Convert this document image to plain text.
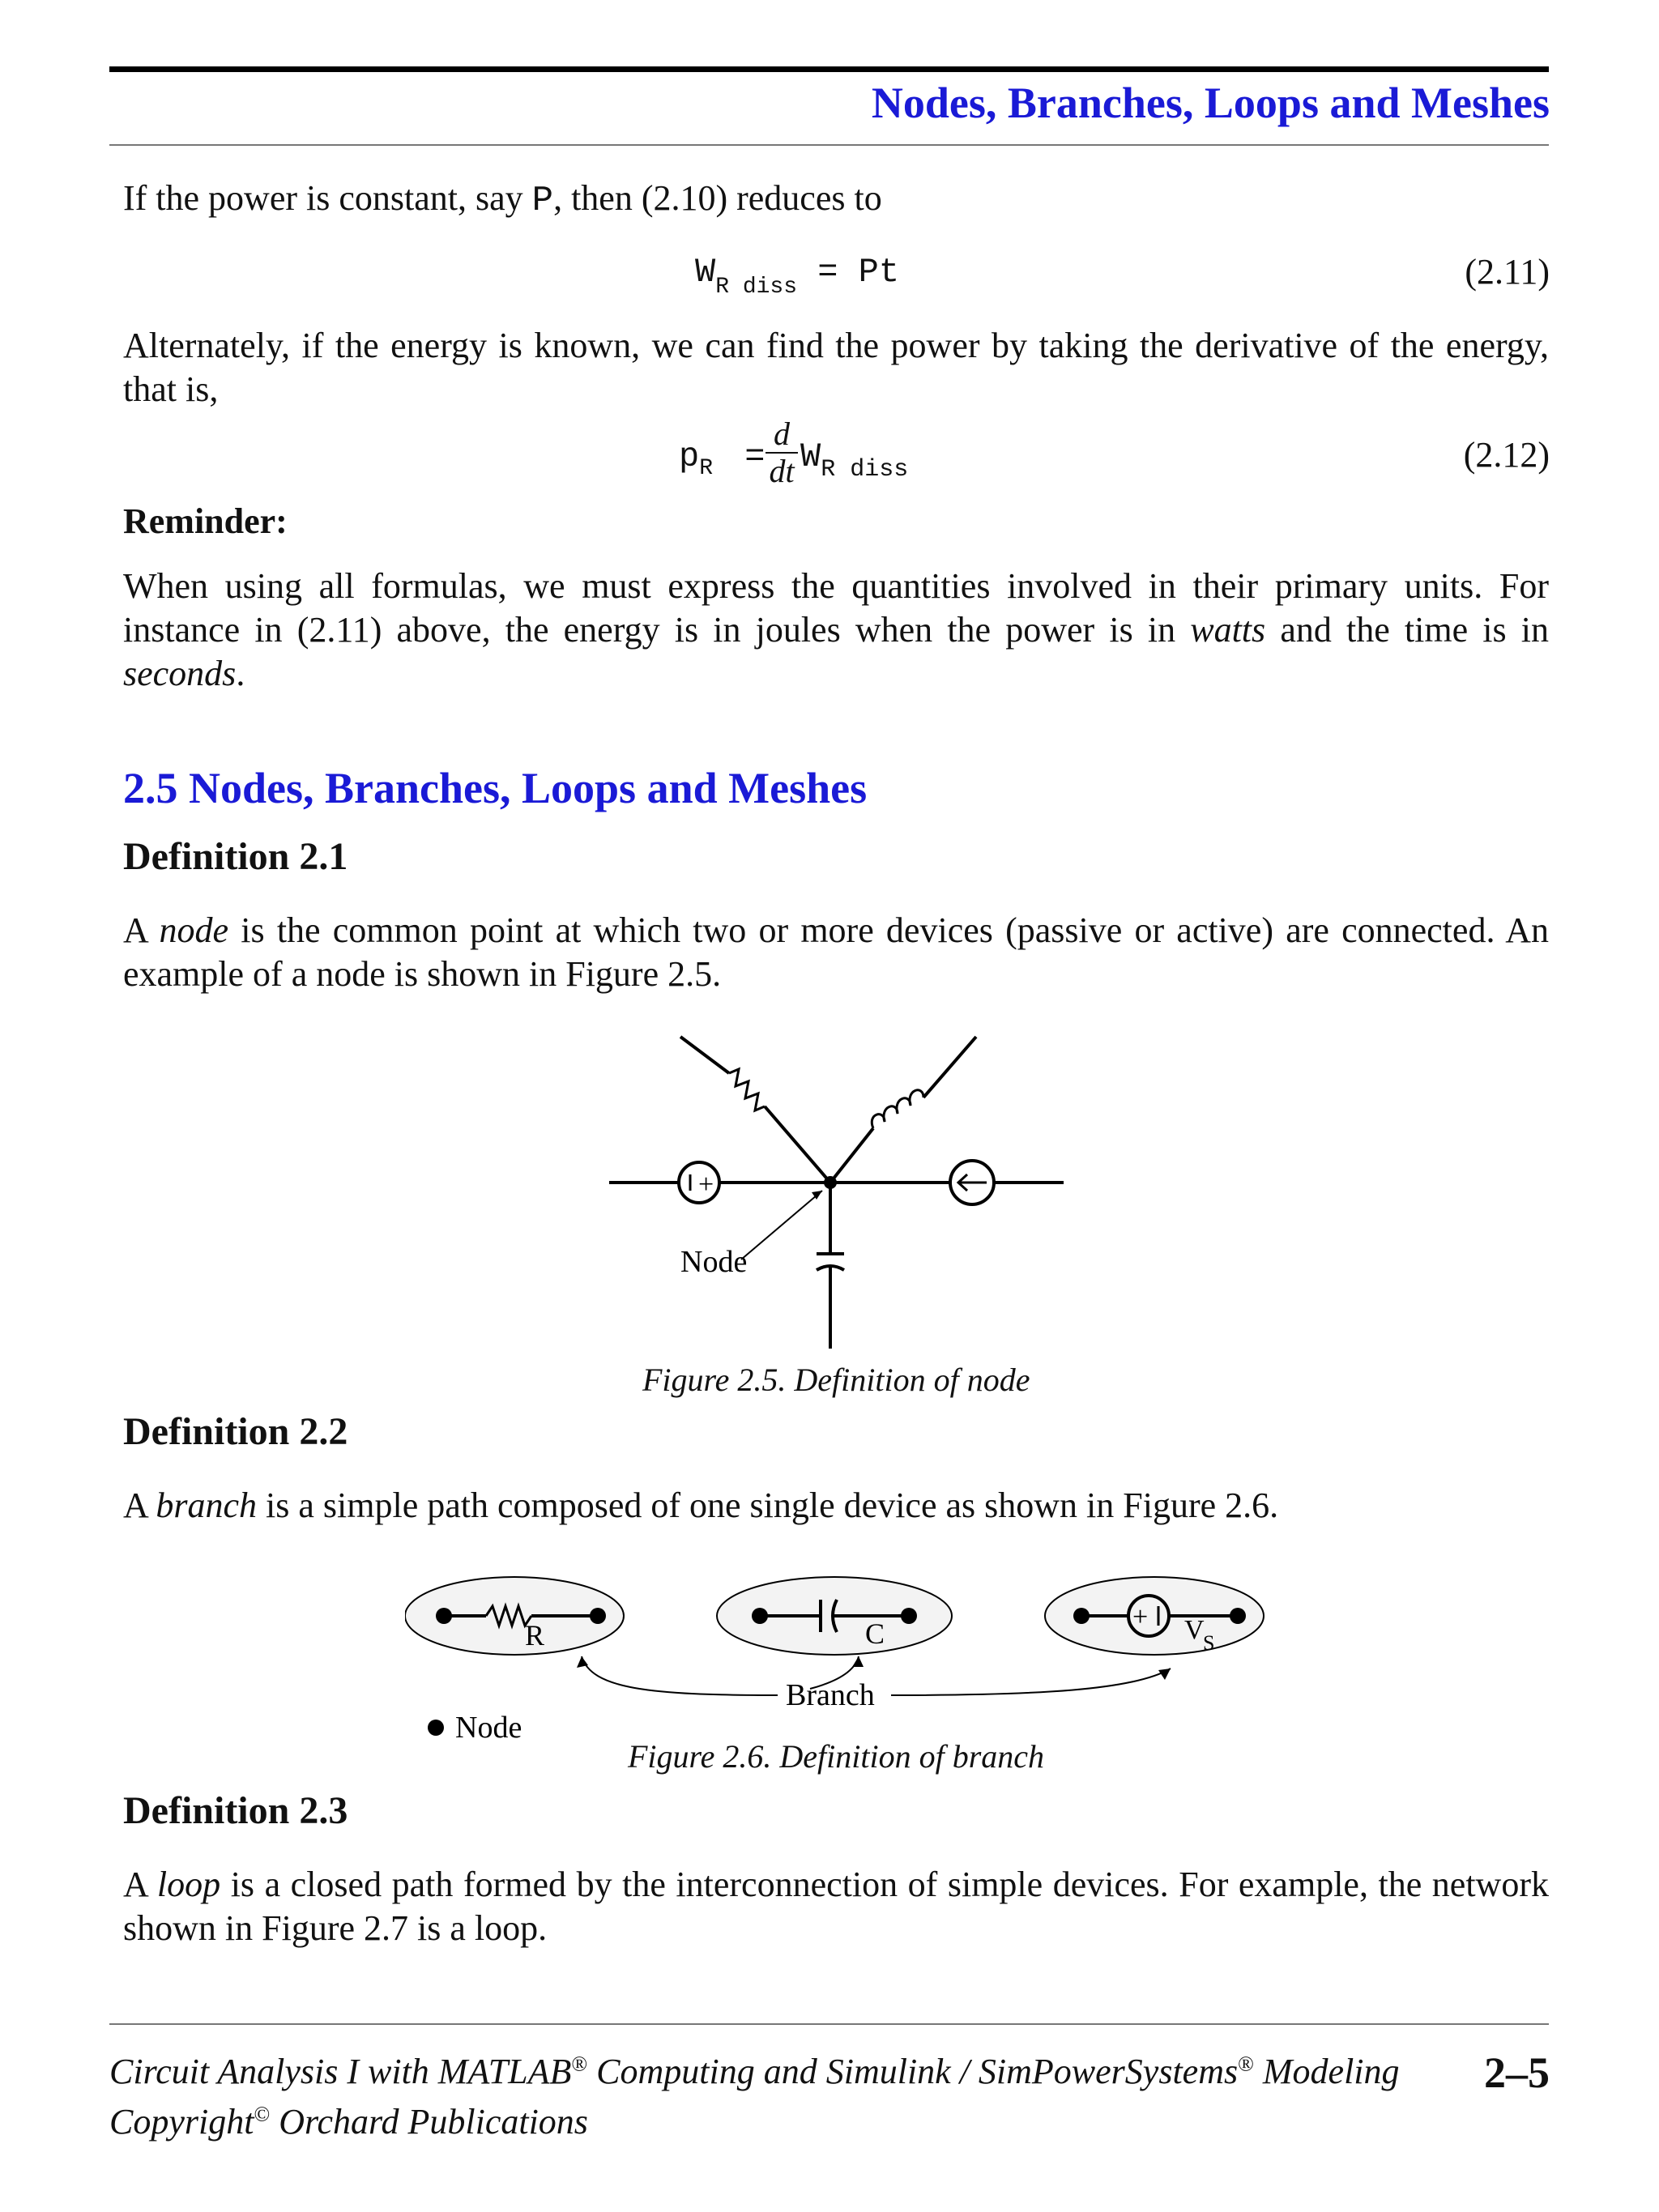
Nodes, Branches, Loops and Meshes
If the power is constant, say P, then (2.10) reduces to
$W_{R diss} = Pt$	(2.11)
Alternately, if the energy is known, we can find the power by taking the derivative of the energy, that is,
$p_R$ =
d
dt $W_{R diss}$	(2.12)
Reminder:
When using all formulas, we must express the quantities involved in their primary units. For instance in (2.11) above, the energy is in joules when the power is in watts and the time is in seconds.
2.5 Nodes, Branches, Loops and Meshes
Definition 2.1
A node is the common point at which two or more devices (passive or active) are connected. An example of a node is shown in Figure 2.5.
+
Node
Figure 2.5. Definition of node
Definition 2.2
A branch is a simple path composed of one single device as shown in Figure 2.6.
R	C
+ V
S
Branch
Node
Figure 2.6. Definition of branch
Definition 2.3
A loop is a closed path formed by the interconnection of simple devices. For example, the network shown in Figure 2.7 is a loop.
Circuit Analysis I with MATLAB® Computing and Simulink / SimPowerSystems® Modeling
Copyright© Orchard Publications
2–5
